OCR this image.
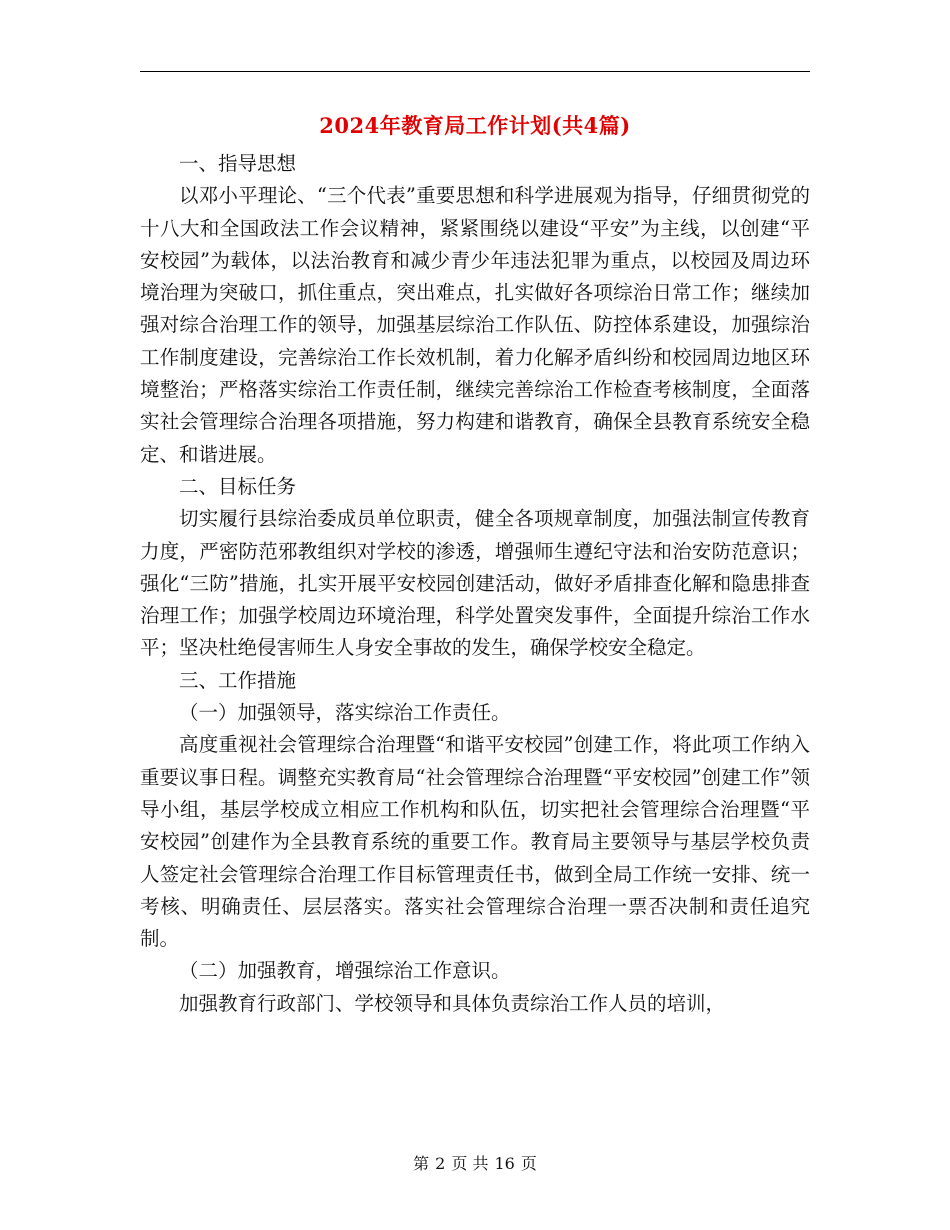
2024年教育局工作计划(共4篇)

一、指导思想

以邓小平理论、“三个代表”重要思想和科学进展观为指导，仔细贯彻党的十八大和全国政法工作会议精神，紧紧围绕以建设“平安”为主线，以创建“平安校园”为载体，以法治教育和减少青少年违法犯罪为重点，以校园及周边环境治理为突破口，抓住重点，突出难点，扎实做好各项综治日常工作；继续加强对综合治理工作的领导，加强基层综治工作队伍、防控体系建设，加强综治工作制度建设，完善综治工作长效机制，着力化解矛盾纠纷和校园周边地区环境整治；严格落实综治工作责任制，继续完善综治工作检查考核制度，全面落实社会管理综合治理各项措施，努力构建和谐教育，确保全县教育系统安全稳定、和谐进展。

二、目标任务

切实履行县综治委成员单位职责，健全各项规章制度，加强法制宣传教育力度，严密防范邪教组织对学校的渗透，增强师生遵纪守法和治安防范意识；强化“三防”措施，扎实开展平安校园创建活动，做好矛盾排查化解和隐患排查治理工作；加强学校周边环境治理，科学处置突发事件，全面提升综治工作水平；坚决杜绝侵害师生人身安全事故的发生，确保学校安全稳定。

三、工作措施

（一）加强领导，落实综治工作责任。

高度重视社会管理综合治理暨“和谐平安校园”创建工作，将此项工作纳入重要议事日程。调整充实教育局“社会管理综合治理暨“平安校园”创建工作”领导小组，基层学校成立相应工作机构和队伍，切实把社会管理综合治理暨“平安校园”创建作为全县教育系统的重要工作。教育局主要领导与基层学校负责人签定社会管理综合治理工作目标管理责任书，做到全局工作统一安排、统一考核、明确责任、层层落实。落实社会管理综合治理一票否决制和责任追究制。

（二）加强教育，增强综治工作意识。

加强教育行政部门、学校领导和具体负责综治工作人员的培训，

第 2 页 共 16 页
